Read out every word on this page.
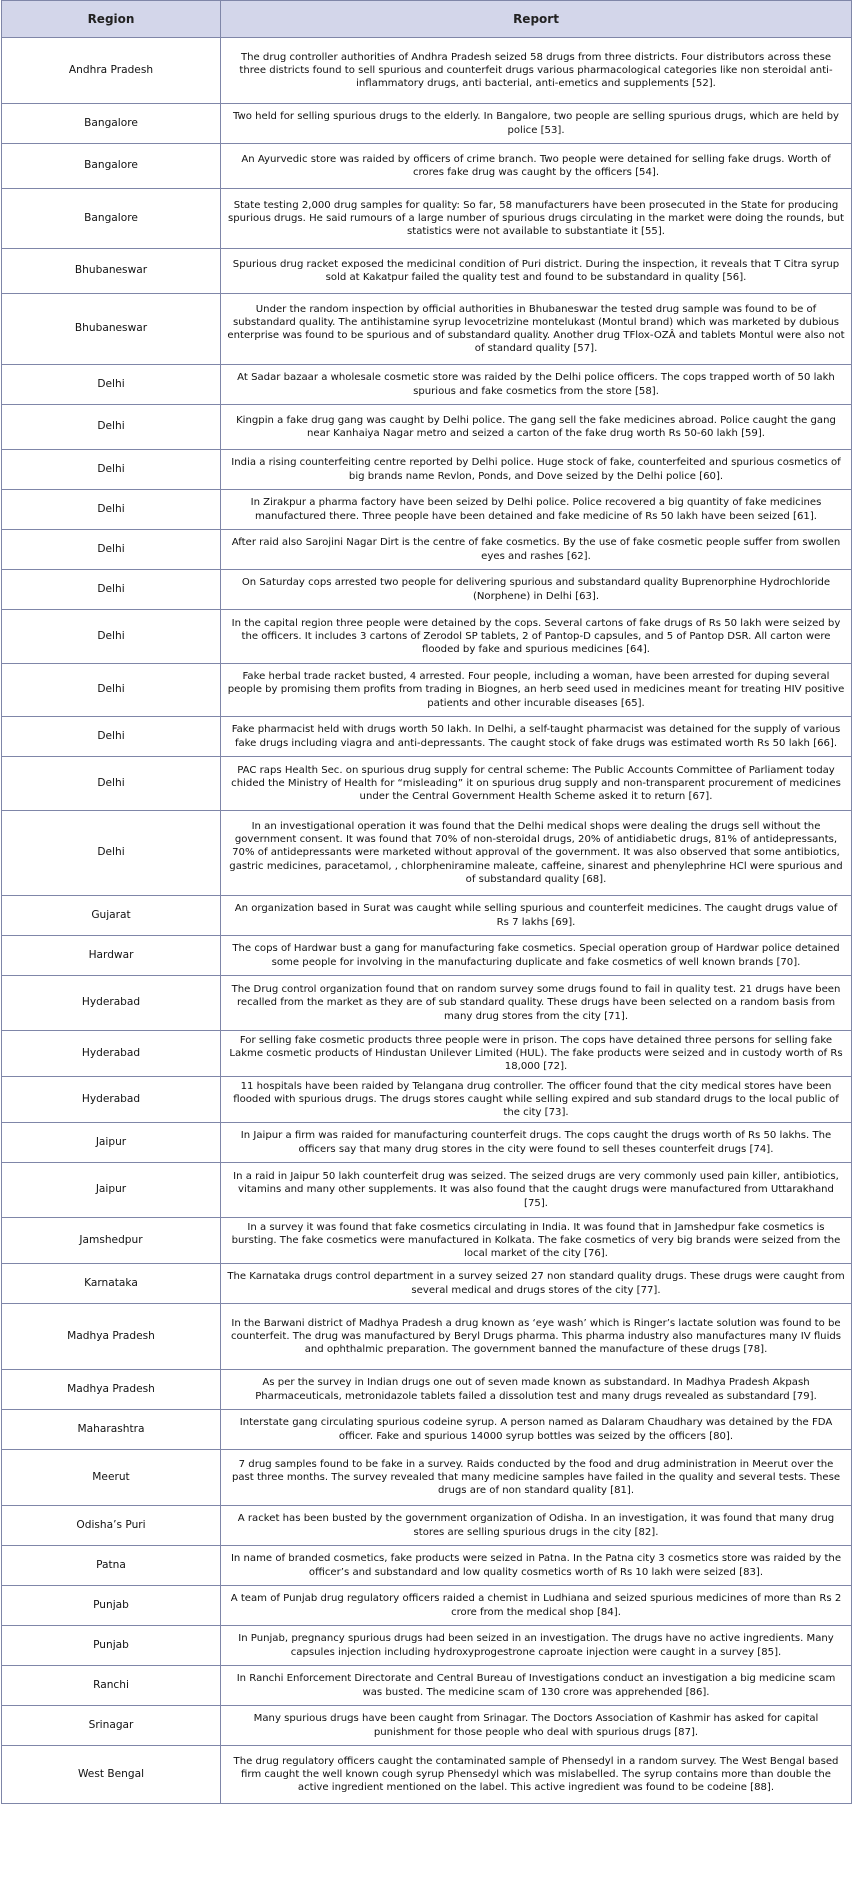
Region	Report
Andhra Pradesh	The drug controller authorities of Andhra Pradesh seized 58 drugs from three districts. Four distributors across these three districts found to sell spurious and counterfeit drugs various pharmacological categories like non steroidal anti-inflammatory drugs, anti bacterial, anti-emetics and supplements [52].
Bangalore	Two held for selling spurious drugs to the elderly. In Bangalore, two people are selling spurious drugs, which are held by police [53].
Bangalore	An Ayurvedic store was raided by officers of crime branch. Two people were detained for selling fake drugs. Worth of crores fake drug was caught by the officers [54].
Bangalore	State testing 2,000 drug samples for quality: So far, 58 manufacturers have been prosecuted in the State for producing spurious drugs. He said rumours of a large number of spurious drugs circulating in the market were doing the rounds, but statistics were not available to substantiate it [55].
Bhubaneswar	Spurious drug racket exposed the medicinal condition of Puri district. During the inspection, it reveals that T Citra syrup sold at Kakatpur failed the quality test and found to be substandard in quality [56].
Bhubaneswar	Under the random inspection by official authorities in Bhubaneswar the tested drug sample was found to be of substandard quality. The antihistamine syrup levocetrizine montelukast (Montul brand) which was marketed by dubious enterprise was found to be spurious and of substandard quality. Another drug TFlox-OZÂ and tablets Montul were also not of standard quality [57].
Delhi	At Sadar bazaar a wholesale cosmetic store was raided by the Delhi police officers. The cops trapped worth of 50 lakh spurious and fake cosmetics from the store [58].
Delhi	Kingpin a fake drug gang was caught by Delhi police. The gang sell the fake medicines abroad. Police caught the gang near Kanhaiya Nagar metro and seized a carton of the fake drug worth Rs 50-60 lakh [59].
Delhi	India a rising counterfeiting centre reported by Delhi police. Huge stock of fake, counterfeited and spurious cosmetics of big brands name Revlon, Ponds, and Dove seized by the Delhi police [60].
Delhi	In Zirakpur a pharma factory have been seized by Delhi police. Police recovered a big quantity of fake medicines manufactured there. Three people have been detained and fake medicine of Rs 50 lakh have been seized [61].
Delhi	After raid also Sarojini Nagar Dirt is the centre of fake cosmetics. By the use of fake cosmetic people suffer from swollen eyes and rashes [62].
Delhi	On Saturday cops arrested two people for delivering spurious and substandard quality Buprenorphine Hydrochloride (Norphene) in Delhi [63].
Delhi	In the capital region three people were detained by the cops. Several cartons of fake drugs of Rs 50 lakh were seized by the officers. It includes 3 cartons of Zerodol SP tablets, 2 of Pantop-D capsules, and 5 of Pantop DSR. All carton were flooded by fake and spurious medicines [64].
Delhi	Fake herbal trade racket busted, 4 arrested. Four people, including a woman, have been arrested for duping several people by promising them profits from trading in Biognes, an herb seed used in medicines meant for treating HIV positive patients and other incurable diseases [65].
Delhi	Fake pharmacist held with drugs worth 50 lakh. In Delhi, a self-taught pharmacist was detained for the supply of various fake drugs including viagra and anti-depressants. The caught stock of fake drugs was estimated worth Rs 50 lakh [66].
Delhi	PAC raps Health Sec. on spurious drug supply for central scheme: The Public Accounts Committee of Parliament today chided the Ministry of Health for “misleading” it on spurious drug supply and non-transparent procurement of medicines under the Central Government Health Scheme asked it to return [67].
Delhi	In an investigational operation it was found that the Delhi medical shops were dealing the drugs sell without the government consent. It was found that 70% of non-steroidal drugs, 20% of antidiabetic drugs, 81% of antidepressants, 70% of antidepressants were marketed without approval of the government. It was also observed that some antibiotics, gastric medicines, paracetamol, , chlorpheniramine maleate, caffeine, sinarest and phenylephrine HCl were spurious and of substandard quality [68].
Gujarat	An organization based in Surat was caught while selling spurious and counterfeit medicines. The caught drugs value of Rs 7 lakhs [69].
Hardwar	The cops of Hardwar bust a gang for manufacturing fake cosmetics. Special operation group of Hardwar police detained some people for involving in the manufacturing duplicate and fake cosmetics of well known brands [70].
Hyderabad	The Drug control organization found that on random survey some drugs found to fail in quality test. 21 drugs have been recalled from the market as they are of sub standard quality. These drugs have been selected on a random basis from many drug stores from the city [71].
Hyderabad	For selling fake cosmetic products three people were in prison. The cops have detained three persons for selling fake Lakme cosmetic products of Hindustan Unilever Limited (HUL). The fake products were seized and in custody worth of Rs 18,000 [72].
Hyderabad	11 hospitals have been raided by Telangana drug controller. The officer found that the city medical stores have been flooded with spurious drugs. The drugs stores caught while selling expired and sub standard drugs to the local public of the city [73].
Jaipur	In Jaipur a firm was raided for manufacturing counterfeit drugs. The cops caught the drugs worth of Rs 50 lakhs. The officers say that many drug stores in the city were found to sell theses counterfeit drugs [74].
Jaipur	In a raid in Jaipur 50 lakh counterfeit drug was seized. The seized drugs are very commonly used pain killer, antibiotics, vitamins and many other supplements. It was also found that the caught drugs were manufactured from Uttarakhand [75].
Jamshedpur	In a survey it was found that fake cosmetics circulating in India. It was found that in Jamshedpur fake cosmetics is bursting. The fake cosmetics were manufactured in Kolkata. The fake cosmetics of very big brands were seized from the local market of the city [76].
Karnataka	The Karnataka drugs control department in a survey seized 27 non standard quality drugs. These drugs were caught from several medical and drugs stores of the city [77].
Madhya Pradesh	In the Barwani district of Madhya Pradesh a drug known as ‘eye wash’ which is Ringer’s lactate solution was found to be counterfeit. The drug was manufactured by Beryl Drugs pharma. This pharma industry also manufactures many IV fluids and ophthalmic preparation. The government banned the manufacture of these drugs [78].
Madhya Pradesh	As per the survey in Indian drugs one out of seven made known as substandard. In Madhya Pradesh Akpash Pharmaceuticals, metronidazole tablets failed a dissolution test and many drugs revealed as substandard [79].
Maharashtra	Interstate gang circulating spurious codeine syrup. A person named as Dalaram Chaudhary was detained by the FDA officer. Fake and spurious 14000 syrup bottles was seized by the officers [80].
Meerut	7 drug samples found to be fake in a survey. Raids conducted by the food and drug administration in Meerut over the past three months. The survey revealed that many medicine samples have failed in the quality and several tests. These drugs are of non standard quality [81].
Odisha’s Puri	A racket has been busted by the government organization of Odisha. In an investigation, it was found that many drug stores are selling spurious drugs in the city [82].
Patna	In name of branded cosmetics, fake products were seized in Patna. In the Patna city 3 cosmetics store was raided by the officer’s and substandard and low quality cosmetics worth of Rs 10 lakh were seized [83].
Punjab	A team of Punjab drug regulatory officers raided a chemist in Ludhiana and seized spurious medicines of more than Rs 2 crore from the medical shop [84].
Punjab	In Punjab, pregnancy spurious drugs had been seized in an investigation. The drugs have no active ingredients. Many capsules injection including hydroxyprogestrone caproate injection were caught in a survey [85].
Ranchi	In Ranchi Enforcement Directorate and Central Bureau of Investigations conduct an investigation a big medicine scam was busted. The medicine scam of 130 crore was apprehended [86].
Srinagar	Many spurious drugs have been caught from Srinagar. The Doctors Association of Kashmir has asked for capital punishment for those people who deal with spurious drugs [87].
West Bengal	The drug regulatory officers caught the contaminated sample of Phensedyl in a random survey. The West Bengal based firm caught the well known cough syrup Phensedyl which was mislabelled. The syrup contains more than double the active ingredient mentioned on the label. This active ingredient was found to be codeine [88].
